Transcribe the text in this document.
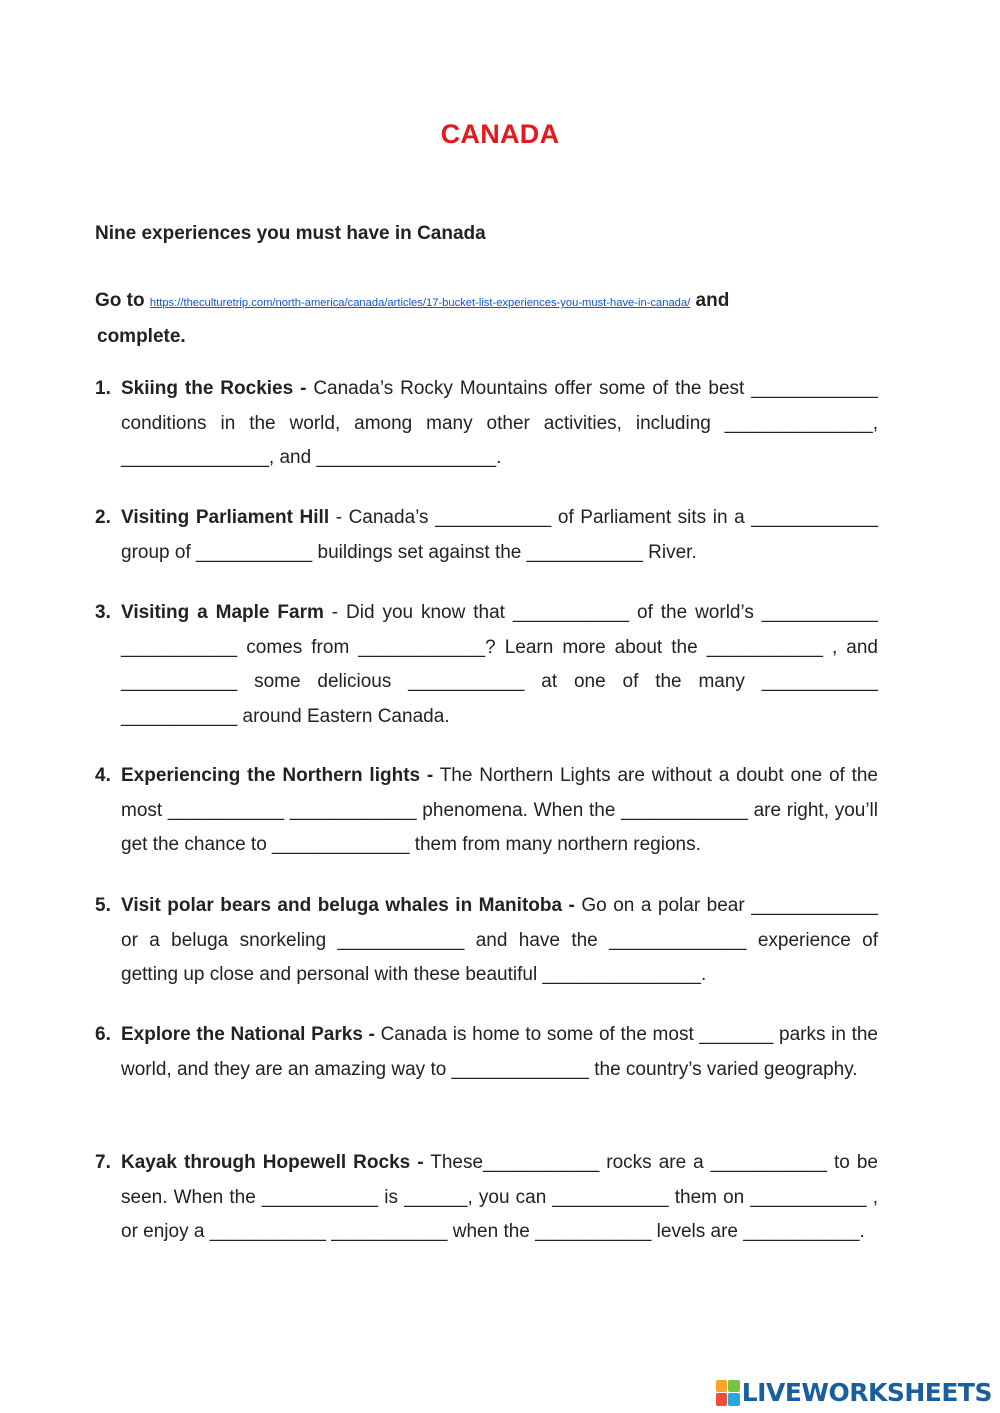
CANADA
Nine experiences you must have in Canada
Go to https://theculturetrip.com/north-america/canada/articles/17-bucket-list-experiences-you-must-have-in-canada/ and
complete.
1. Skiing the Rockies - Canada’s Rocky Mountains offer some of the best ____________ conditions in the world, among many other activities, including ______________, ______________, and _________________.

2. Visiting Parliament Hill - Canada’s ___________ of Parliament sits in a ____________ group of ___________ buildings set against the ___________ River.

3. Visiting a Maple Farm - Did you know that ___________ of the world’s ___________ ___________ comes from ____________? Learn more about the ___________ , and ___________ some delicious ___________ at one of the many ___________ ___________ around Eastern Canada.

4. Experiencing the Northern lights - The Northern Lights are without a doubt one of the most ___________ ____________ phenomena. When the ____________ are right, you’ll get the chance to _____________ them from many northern regions.

5. Visit polar bears and beluga whales in Manitoba - Go on a polar bear ____________ or a beluga snorkeling ____________ and have the _____________ experience of getting up close and personal with these beautiful _______________.

6. Explore the National Parks - Canada is home to some of the most _______ parks in the world, and they are an amazing way to _____________ the country’s varied geography.

7. Kayak through Hopewell Rocks - These___________ rocks are a ___________ to be seen. When the ___________ is ______, you can ___________ them on ___________ , or enjoy a ___________ ___________ when the ___________ levels are ___________.

LIVEWORKSHEETS
